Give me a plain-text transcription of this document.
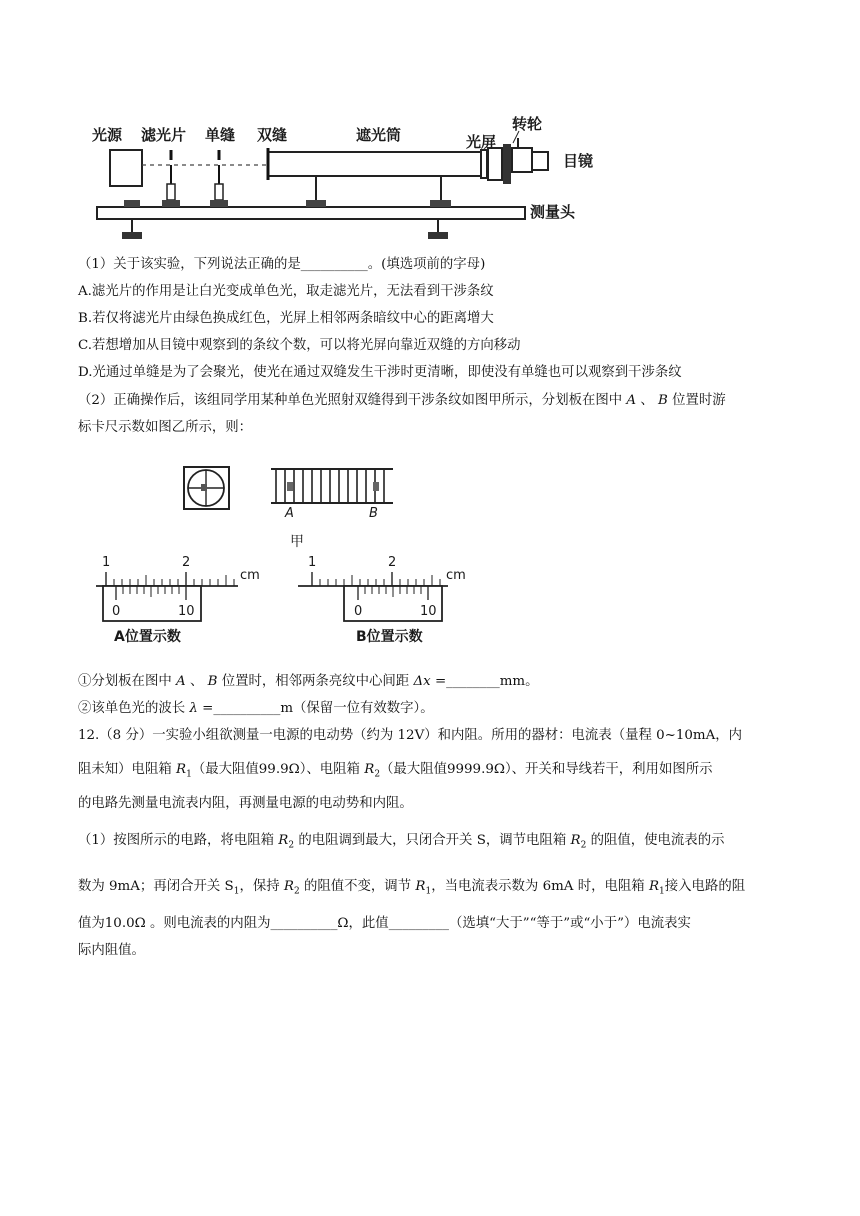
光源 滤光片 单缝 双缝	遮光筒	光屏
转轮
目镜
测量头
（1）关于该实验，下列说法正确的是__________。(填选项前的字母)
A.滤光片的作用是让白光变成单色光，取走滤光片，无法看到干涉条纹
B.若仅将滤光片由绿色换成红色，光屏上相邻两条暗纹中心的距离增大
C.若想增加从目镜中观察到的条纹个数，可以将光屏向靠近双缝的方向移动
D.光通过单缝是为了会聚光，使光在通过双缝发生干涉时更清晰，即使没有单缝也可以观察到干涉条纹
（2）正确操作后，该组同学用某种单色光照射双缝得到干涉条纹如图甲所示，分划板在图中 A 、 B 位置时游
标卡尺示数如图乙所示，则：
A	B
甲
1	2
cm
0	10
A位置示数
1	2
cm
0	10
B位置示数
①分划板在图中 A 、 B 位置时，相邻两条亮纹中心间距 Δx =________mm。
②该单色光的波长 λ =__________m（保留一位有效数字）。
12.（8 分）一实验小组欲测量一电源的电动势（约为 12V）和内阻。所用的器材：电流表（量程 0~10mA，内
阻未知）电阻箱 $R_1$（最大阻值99.9Ω）、电阻箱 $R_2$（最大阻值9999.9Ω）、开关和导线若干，利用如图所示
的电路先测量电流表内阻，再测量电源的电动势和内阻。
（1）按图所示的电路，将电阻箱 $R_2$ 的电阻调到最大，只闭合开关 S，调节电阻箱 $R_2$ 的阻值，使电流表的示
数为 9mA；再闭合开关 $S_1$，保持 $R_2$ 的阻值不变，调节 $R_1$，当电流表示数为 6mA 时，电阻箱 $R_1$接入电路的阻
值为10.0Ω 。则电流表的内阻为__________Ω，此值_________（选填“大于”“等于”或“小于”）电流表实
际内阻值。
